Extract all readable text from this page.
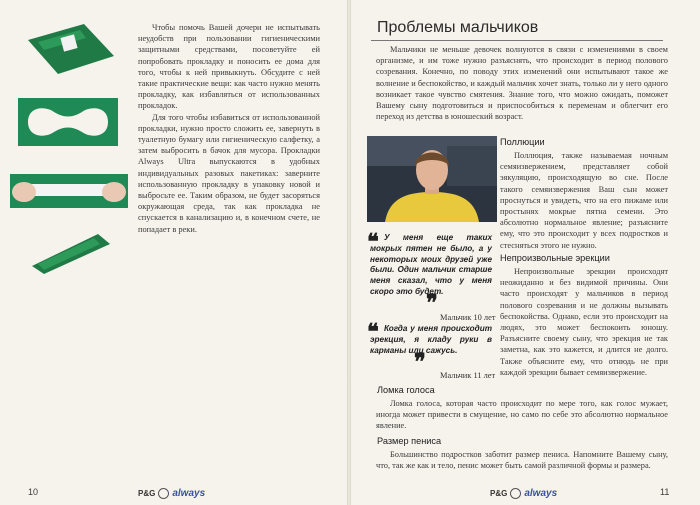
Чтобы помочь Вашей дочери не испытывать неудобств при пользовании гигиеническими защитными средствами, посоветуйте ей попробовать прокладку и поносить ее дома для того, чтобы к ней привыкнуть. Обсудите с ней такие практические вещи: как часто нужно менять прокладку, как избавляться от использованных прокладок.

Для того чтобы избавиться от использованной прокладки, нужно просто сложить ее, завернуть в туалетную бумагу или гигиеническую салфетку, а затем выбросить в бачок для мусора. Прокладки Always Ultra выпускаются в удобных индивидуальных разовых пакетиках: заверните использованную прокладку в упаковку новой и выбросьте ее. Таким образом, не будет засоряться окружающая среда, так как прокладка не спускается в канализацию и, в конечном счете, не попадает в реки.

10	P&G always
Проблемы мальчиков

Мальчики не меньше девочек волнуются в связи с изменениями в своем организме, и им тоже нужно разъяснять, что происходит в период полового созревания. Конечно, по поводу этих изменений они испытывают такое же волнение и беспокойство, и каждый мальчик хочет знать, только ли у него одного возникает такое чувство смятения. Знание того, что можно ожидать, поможет Вашему сыну подготовиться и приспособиться к переменам и облегчит его переход из детства в юношеский возраст.

Поллюции

Поллюция, также называемая ночным семяизвержением, представляет собой эякуляцию, происходящую во сне. После такого семяизвержения Ваш сын может проснуться и увидеть, что на его пижаме или простынях мокрые пятна семени. Это абсолютно нормальное явление; разъясните ему, что это происходит у всех подростков и стесняться этого не нужно.

❝ У меня еще таких мокрых пятен не было, а у некоторых моих друзей уже были. Один мальчик старше меня сказал, что у меня скоро это будет.
❞
Мальчик 10 лет
❝ Когда у меня происходит эрекция, я кладу руки в карманы или сажусь.
❞
Мальчик 11 лет
Непроизвольные эрекции

Непроизвольные эрекции происходят неожиданно и без видимой причины. Они часто происходят у мальчиков в период полового созревания и не должны вызывать беспокойства. Однако, если это происходит на людях, это может беспокоить юношу. Разъясните своему сыну, что эрекция не так заметна, как это кажется, и длится не долго. Также объясните ему, что отнюдь не при каждой эрекции бывает семяизвержение.

Ломка голоса

Ломка голоса, которая часто происходит по мере того, как голос мужает, иногда может привести в смущение, но само по себе это абсолютно нормальное явление.

Размер пениса

Большинство подростков заботит размер пениса. Напомните Вашему сыну, что, так же как и тело, пенис может быть самой различной формы и размера.

P&G always	11
